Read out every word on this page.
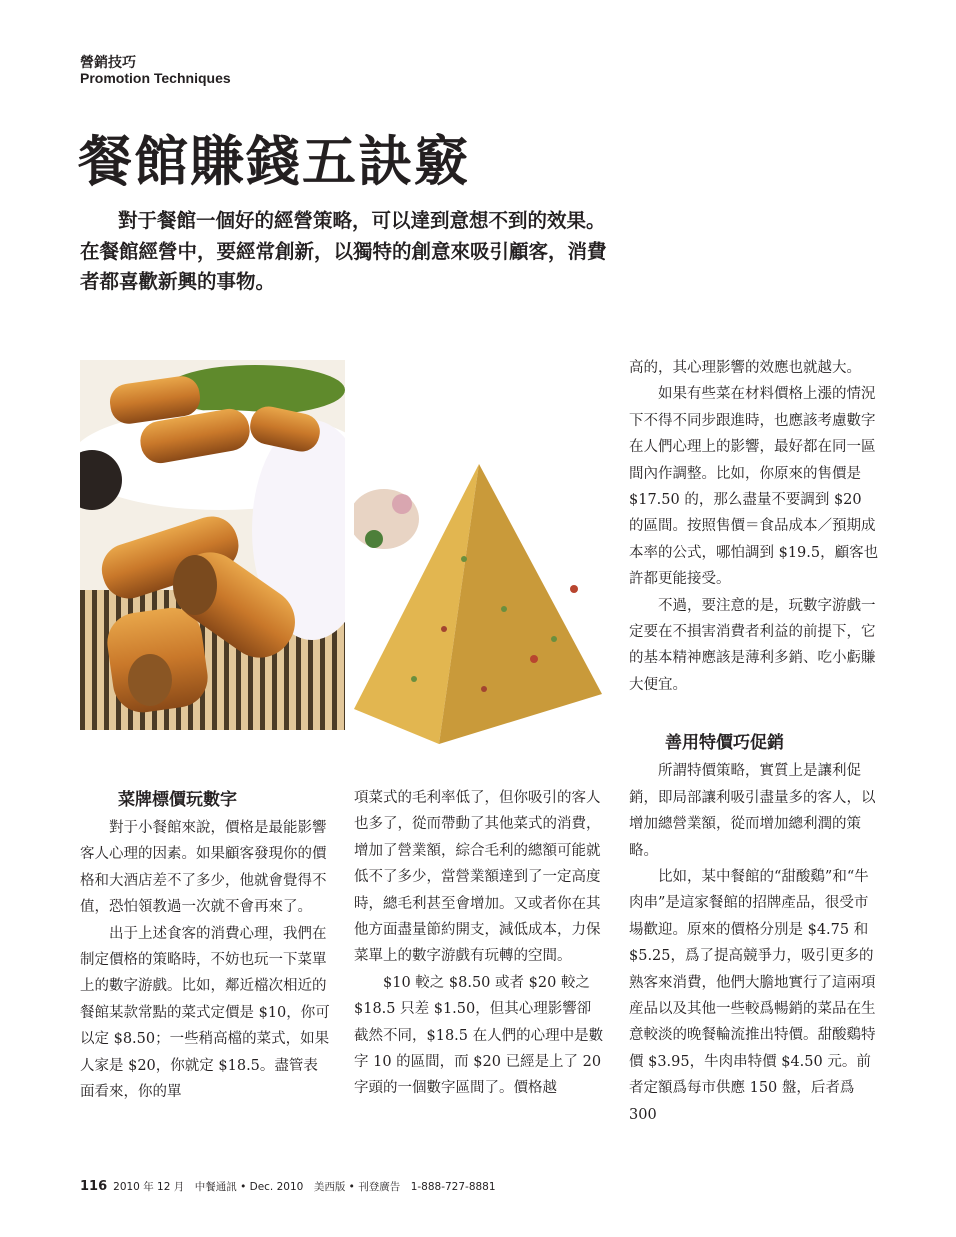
營銷技巧
Promotion Techniques
餐館賺錢五訣竅

對于餐館一個好的經營策略，可以達到意想不到的效果。在餐館經營中，要經常創新，以獨特的創意來吸引顧客，消費者都喜歡新興的事物。

菜牌標價玩數字

對于小餐館來說，價格是最能影響客人心理的因素。如果顧客發現你的價格和大酒店差不了多少，他就會覺得不值，恐怕領教過一次就不會再來了。

出于上述食客的消費心理，我們在制定價格的策略時，不妨也玩一下菜單上的數字游戲。比如，鄰近檔次相近的餐館某款常點的菜式定價是 $10，你可以定 $8.50；一些稍高檔的菜式，如果人家是 $20，你就定 $18.5。盡管表面看來，你的單

項菜式的毛利率低了，但你吸引的客人也多了，從而帶動了其他菜式的消費，增加了營業額，綜合毛利的總額可能就低不了多少，當營業額達到了一定高度時，總毛利甚至會增加。又或者你在其他方面盡量節約開支，減低成本，力保菜單上的數字游戲有玩轉的空間。

$10 較之 $8.50 或者 $20 較之 $18.5 只差 $1.50，但其心理影響卻截然不同，$18.5 在人們的心理中是數字 10 的區間，而 $20 已經是上了 20 字頭的一個數字區間了。價格越

高的，其心理影響的效應也就越大。

如果有些菜在材料價格上漲的情況下不得不同步跟進時，也應該考慮數字在人們心理上的影響，最好都在同一區間內作調整。比如，你原來的售價是 $17.50 的，那么盡量不要調到 $20 的區間。按照售價＝食品成本／預期成本率的公式，哪怕調到 $19.5，顧客也許都更能接受。

不過，要注意的是，玩數字游戲一定要在不損害消費者利益的前提下，它的基本精神應該是薄利多銷、吃小虧賺大便宜。

善用特價巧促銷

所謂特價策略，實質上是讓利促銷，即局部讓利吸引盡量多的客人，以增加總營業額，從而增加總利潤的策略。

比如，某中餐館的“甜酸鷄”和“牛肉串”是這家餐館的招牌產品，很受市場歡迎。原來的價格分別是 $4.75 和 $5.25，爲了提高競爭力，吸引更多的熟客來消費，他們大膽地實行了這兩項産品以及其他一些較爲暢銷的菜品在生意較淡的晚餐輪流推出特價。甜酸鷄特價 $3.95，牛肉串特價 $4.50 元。前者定額爲每市供應 150 盤，后者爲 300

116 2010 年 12 月　中餐通訊 • Dec. 2010　美西版 • 刊登廣告　1-888-727-8881
